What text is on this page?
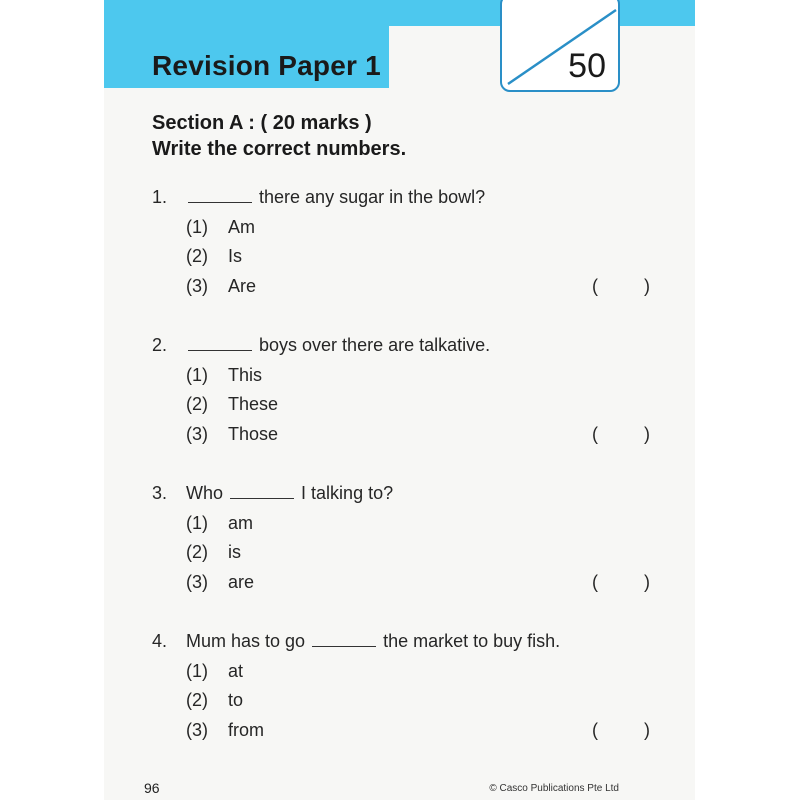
Revision Paper 1	50
Section A : ( 20 marks )
Write the correct numbers.
1.	there any sugar in the bowl?
(1) Am
(2) Is
(3) Are	(	)
2.	boys over there are talkative.
(1) This
(2) These
(3) Those	(	)
3. Who	I talking to?
(1) am
(2) is
(3) are	(	)
4. Mum has to go	the market to buy fish.
(1) at
(2) to
(3) from	(	)
96	© Casco Publications Pte Ltd
